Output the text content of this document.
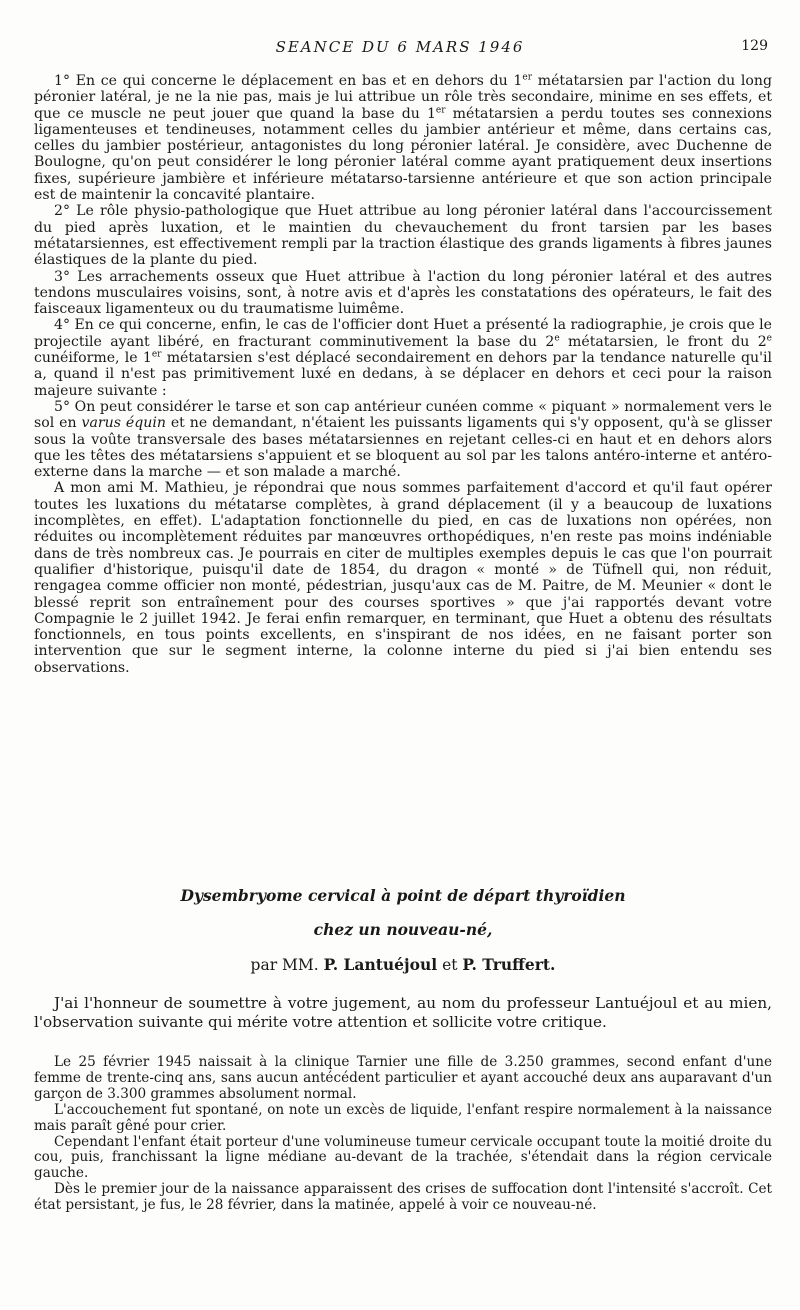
SEANCE DU 6 MARS 1946	129

1° En ce qui concerne le déplacement en bas et en dehors du 1er métatarsien par l'action du long péronier latéral, je ne la nie pas, mais je lui attribue un rôle très secondaire, minime en ses effets, et que ce muscle ne peut jouer que quand la base du 1er métatarsien a perdu toutes ses connexions ligamenteuses et tendineuses, notamment celles du jambier antérieur et même, dans certains cas, celles du jambier postérieur, antagonistes du long péronier latéral. Je considère, avec Duchenne de Boulogne, qu'on peut considérer le long péronier latéral comme ayant pratiquement deux insertions fixes, supérieure jambière et inférieure métatarso-tarsienne antérieure et que son action principale est de maintenir la concavité plantaire.

2° Le rôle physio-pathologique que Huet attribue au long péronier latéral dans l'accourcissement du pied après luxation, et le maintien du chevauchement du front tarsien par les bases métatarsiennes, est effectivement rempli par la traction élastique des grands ligaments à fibres jaunes élastiques de la plante du pied.

3° Les arrachements osseux que Huet attribue à l'action du long péronier latéral et des autres tendons musculaires voisins, sont, à notre avis et d'après les constatations des opérateurs, le fait des faisceaux ligamenteux ou du traumatisme luimême.

4° En ce qui concerne, enfin, le cas de l'officier dont Huet a présenté la radiographie, je crois que le projectile ayant libéré, en fracturant comminutivement la base du 2e métatarsien, le front du 2e cunéiforme, le 1er métatarsien s'est déplacé secondairement en dehors par la tendance naturelle qu'il a, quand il n'est pas primitivement luxé en dedans, à se déplacer en dehors et ceci pour la raison majeure suivante :

5° On peut considérer le tarse et son cap antérieur cunéen comme « piquant » normalement vers le sol en varus équin et ne demandant, n'étaient les puissants ligaments qui s'y opposent, qu'à se glisser sous la voûte transversale des bases métatarsiennes en rejetant celles-ci en haut et en dehors alors que les têtes des métatarsiens s'appuient et se bloquent au sol par les talons antéro-interne et antéro-externe dans la marche — et son malade a marché.

A mon ami M. Mathieu, je répondrai que nous sommes parfaitement d'accord et qu'il faut opérer toutes les luxations du métatarse complètes, à grand déplacement (il y a beaucoup de luxations incomplètes, en effet). L'adaptation fonctionnelle du pied, en cas de luxations non opérées, non réduites ou incomplètement réduites par manœuvres orthopédiques, n'en reste pas moins indéniable dans de très nombreux cas. Je pourrais en citer de multiples exemples depuis le cas que l'on pourrait qualifier d'historique, puisqu'il date de 1854, du dragon « monté » de Tüfnell qui, non réduit, rengagea comme officier non monté, pédestrian, jusqu'aux cas de M. Paitre, de M. Meunier « dont le blessé reprit son entraînement pour des courses sportives » que j'ai rapportés devant votre Compagnie le 2 juillet 1942. Je ferai enfin remarquer, en terminant, que Huet a obtenu des résultats fonctionnels, en tous points excellents, en s'inspirant de nos idées, en ne faisant porter son intervention que sur le segment interne, la colonne interne du pied si j'ai bien entendu ses observations.

Dysembryome cervical à point de départ thyroïdien
chez un nouveau-né,
par MM. P. Lantuéjoul et P. Truffert.

J'ai l'honneur de soumettre à votre jugement, au nom du professeur Lantuéjoul et au mien, l'observation suivante qui mérite votre attention et sollicite votre critique.

Le 25 février 1945 naissait à la clinique Tarnier une fille de 3.250 grammes, second enfant d'une femme de trente-cinq ans, sans aucun antécédent particulier et ayant accouché deux ans auparavant d'un garçon de 3.300 grammes absolument normal.

L'accouchement fut spontané, on note un excès de liquide, l'enfant respire normalement à la naissance mais paraît gêné pour crier.

Cependant l'enfant était porteur d'une volumineuse tumeur cervicale occupant toute la moitié droite du cou, puis, franchissant la ligne médiane au-devant de la trachée, s'étendait dans la région cervicale gauche.

Dès le premier jour de la naissance apparaissent des crises de suffocation dont l'intensité s'accroît. Cet état persistant, je fus, le 28 février, dans la matinée, appelé à voir ce nouveau-né.
